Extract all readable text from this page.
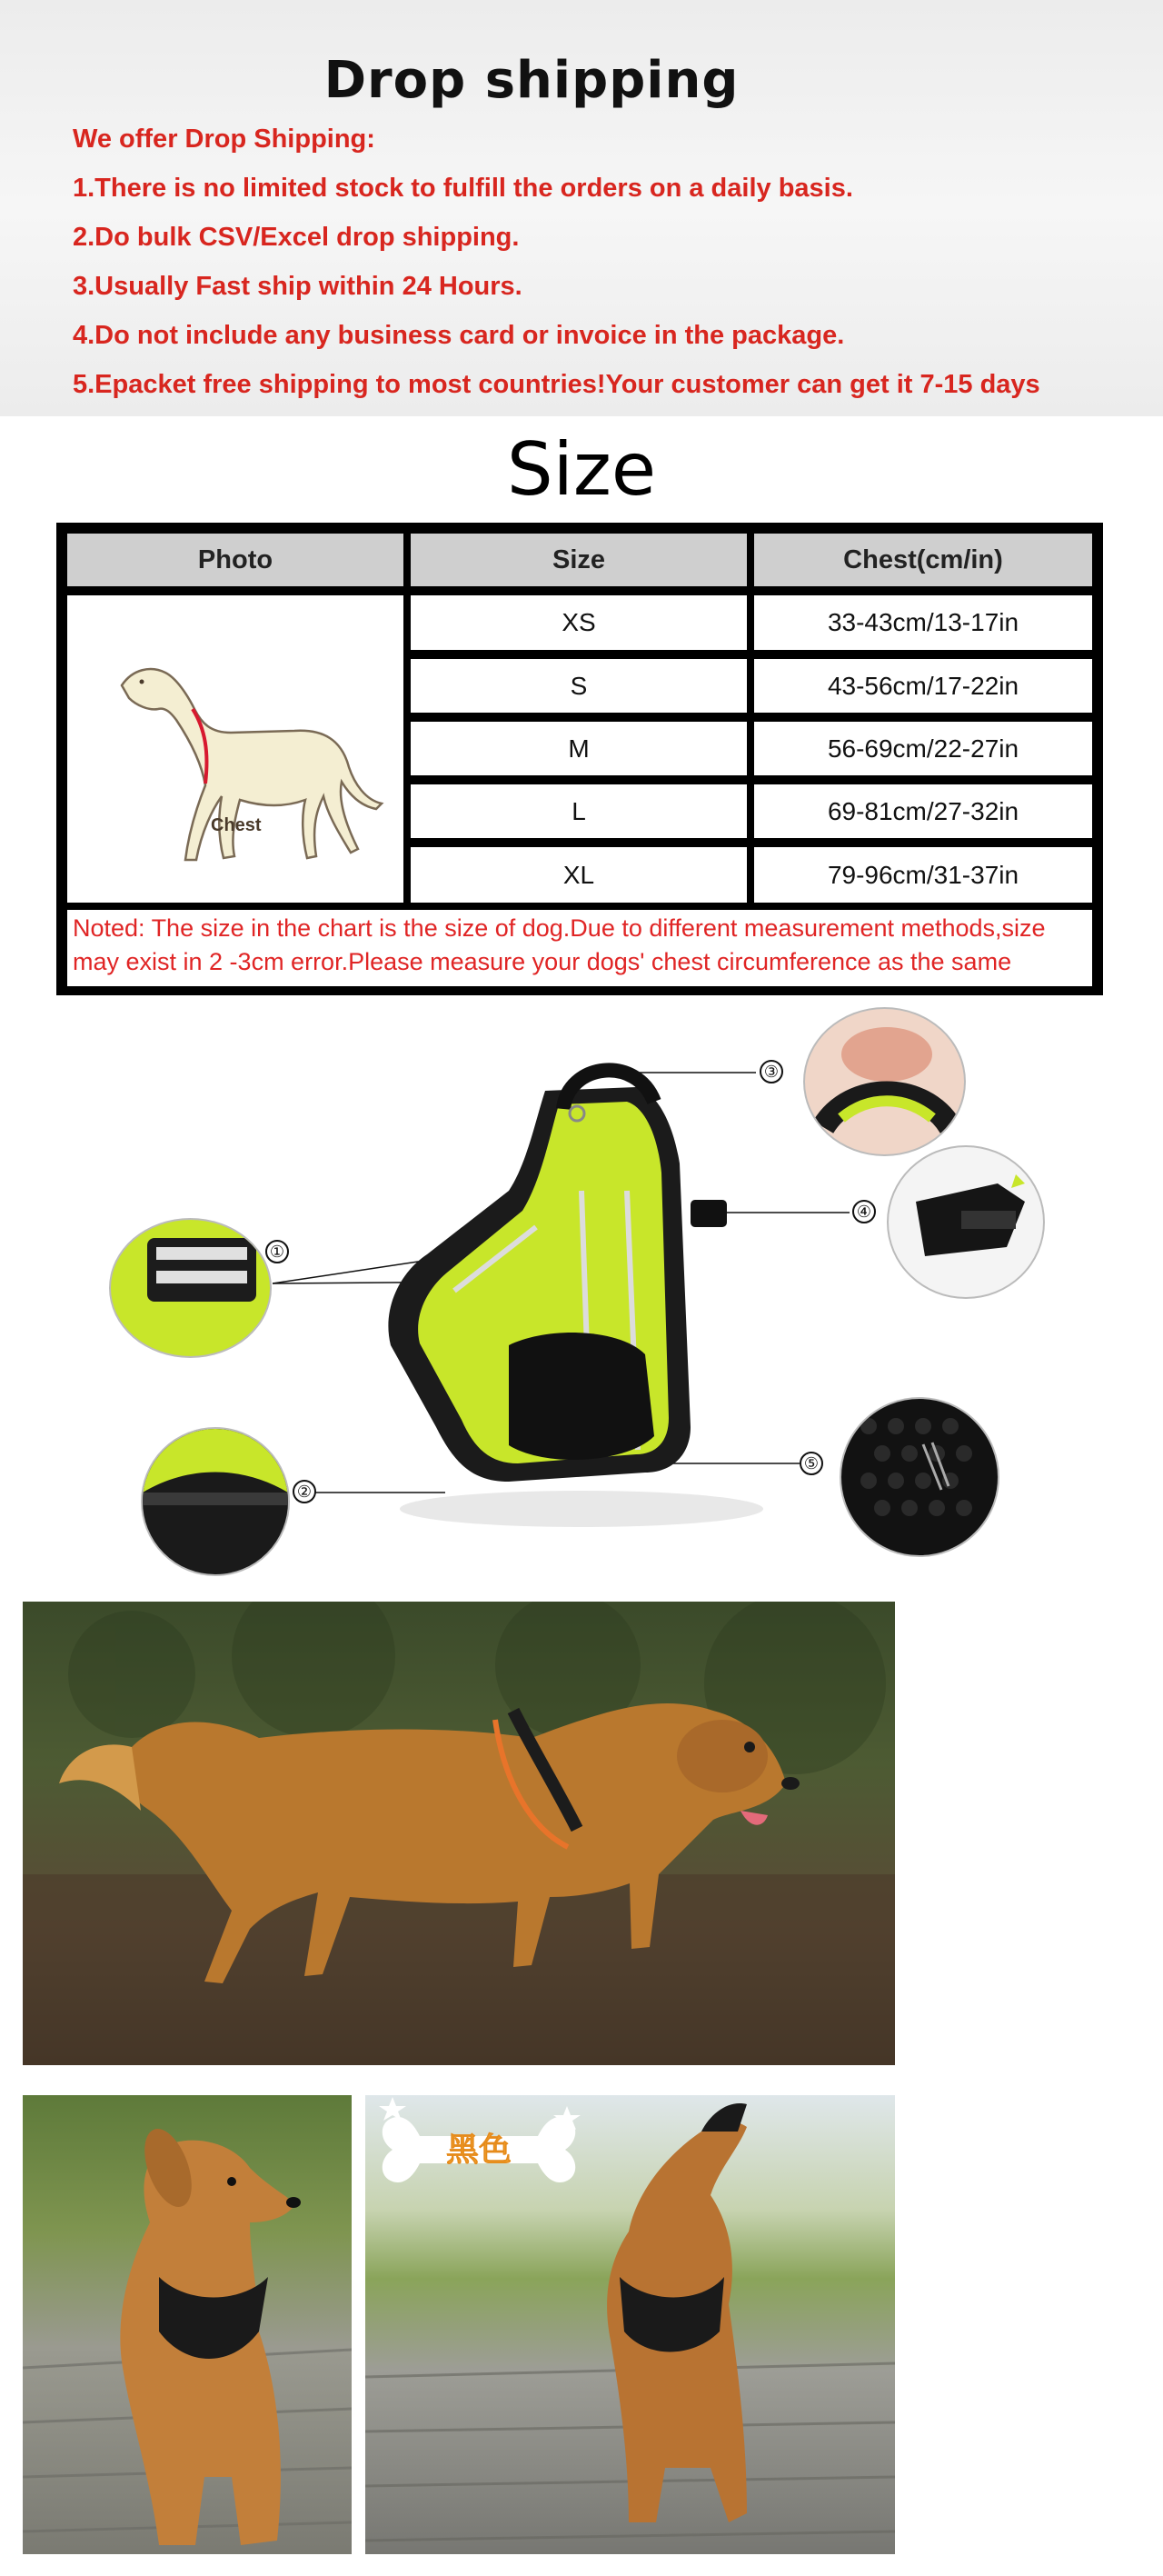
Drop shipping
We offer Drop Shipping:
1.There is no limited stock to fulfill the orders on a daily basis.
2.Do bulk CSV/Excel drop shipping.
3.Usually Fast ship within 24 Hours.
4.Do not include any business card or invoice in the package.
5.Epacket free shipping to most countries!Your customer can get it 7-15 days
Size
Photo	Size	Chest(cm/in)
Chest
XS	33-43cm/13-17in
S	43-56cm/17-22in
M	56-69cm/22-27in
L	69-81cm/27-32in
XL	79-96cm/31-37in
Noted: The size in the chart is the size of dog.Due to different measurement methods,size may exist in 2 -3cm error.Please measure your dogs' chest circumference as the same
①
②
③
④
⑤
黑色
